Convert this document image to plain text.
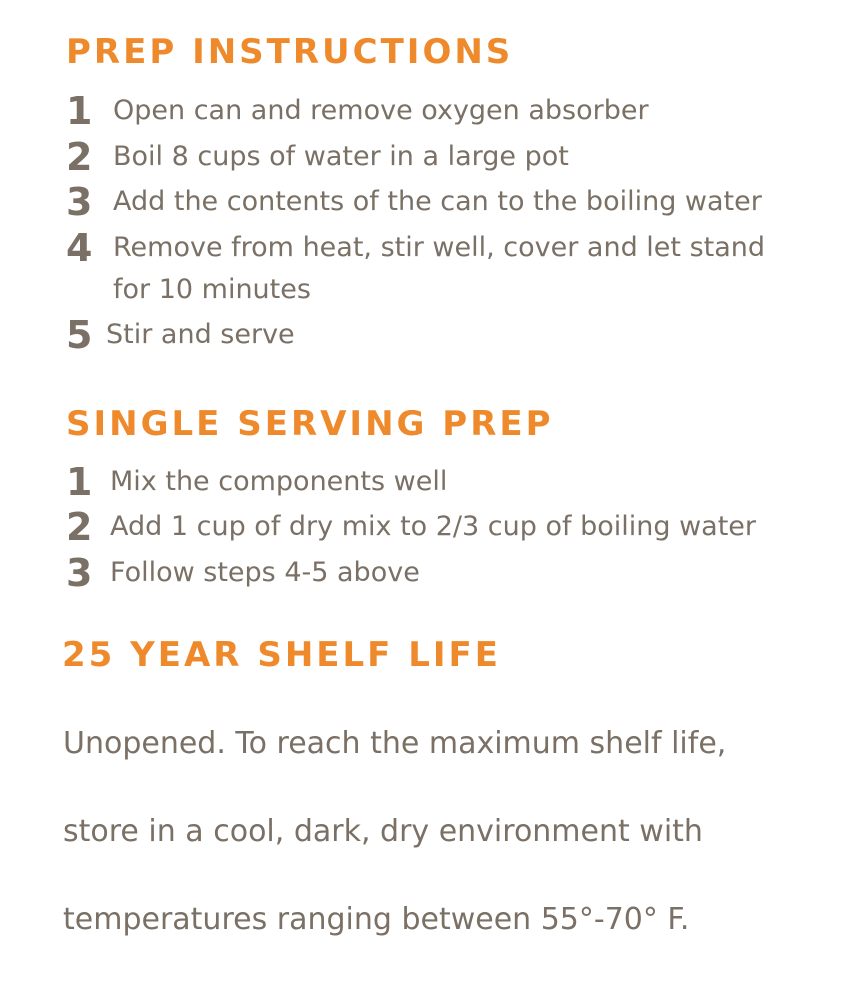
PREP INSTRUCTIONS
1 Open can and remove oxygen absorber
2 Boil 8 cups of water in a large pot
3 Add the contents of the can to the boiling water
4 Remove from heat, stir well, cover and let stand
for 10 minutes
5 Stir and serve
SINGLE SERVING PREP
1 Mix the components well
2 Add 1 cup of dry mix to 2/3 cup of boiling water
3 Follow steps 4-5 above
25 YEAR SHELF LIFE

Unopened. To reach the maximum shelf life,

store in a cool, dark, dry environment with

temperatures ranging between 55°-70° F.
